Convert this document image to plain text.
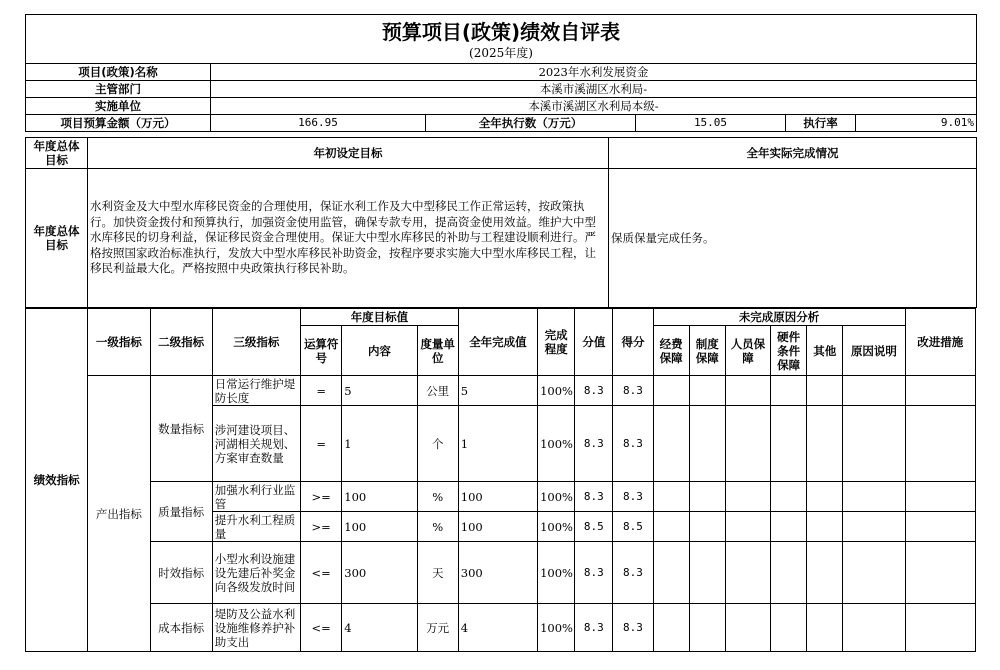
预算项目(政策)绩效自评表
(2025年度)
项目(政策)名称	2023年水利发展资金				
主管部门	本溪市溪湖区水利局-				
实施单位	本溪市溪湖区水利局本级-				
项目预算金额（万元）	166.95	全年执行数（万元）	15.05	执行率	9.01%
年度总体目标	年初设定目标	全年实际完成情况
年度总体目标	水利资金及大中型水库移民资金的合理使用，保证水利工作及大中型移民工作正常运转，按政策执行。加快资金拨付和预算执行，加强资金使用监管，确保专款专用，提高资金使用效益。维护大中型水库移民的切身利益，保证移民资金合理使用。保证大中型水库移民的补助与工程建设顺利进行。严格按照国家政治标准执行，发放大中型水库移民补助资金，按程序要求实施大中型水库移民工程，让移民利益最大化。严格按照中央政策执行移民补助。	保质保量完成任务。
绩效指标	一级指标	二级指标	三级指标	年度目标值			全年完成值	完成程度	分值	得分	未完成原因分析						改进措施
				运算符号	内容	度量单位					经费保障	制度保障	人员保障	硬件条件保障	其他	原因说明	
	产出指标	数量指标	日常运行维护堤防长度	=	5	公里	5	100%	8.3	8.3							
			涉河建设项目、河湖相关规划、方案审查数量	=	1	个	1	100%	8.3	8.3							
		质量指标	加强水利行业监管	>=	100	%	100	100%	8.3	8.3							
			提升水利工程质量	>=	100	%	100	100%	8.5	8.5							
		时效指标	小型水利设施建设先建后补奖金向各级发放时间	<=	300	天	300	100%	8.3	8.3							
		成本指标	堤防及公益水利设施维修养护补助支出	<=	4	万元	4	100%	8.3	8.3							
